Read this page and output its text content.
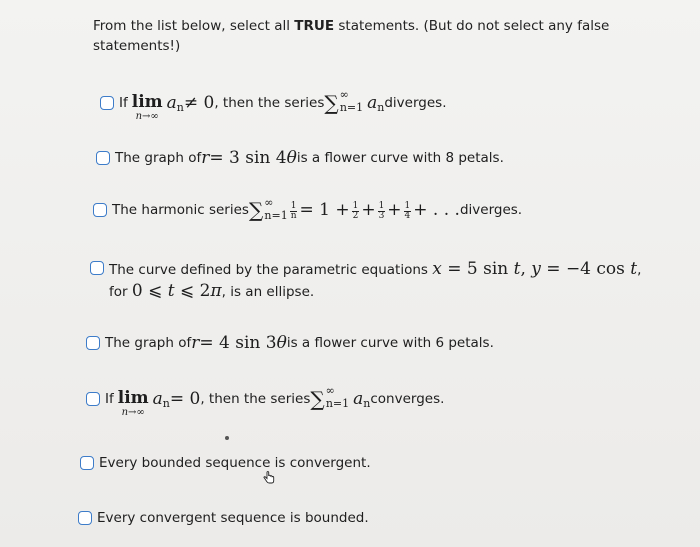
From the list below, select all TRUE statements. (But do not select any false statements!)
If lim
n→∞
a n ≠ 0 , then the series ∑ ∞
n=1 a n diverges.
The graph of r = 3 sin 4 θ is a flower curve with 8 petals.
The harmonic series ∑ ∞
$n=1 \frac{1}{n} = 1 + \frac{1}{2} + \frac{1}{3} + \frac{1}{4}$ + . . . diverges.
The curve defined by the parametric equations x = 5 sin t, y = −4 cos t,
for 0 ⩽ t ⩽ 2π, is an ellipse.
The graph of r = 4 sin 3 θ is a flower curve with 6 petals.
If lim
n→∞
a n = 0 , then the series ∑ ∞
n=1 a n converges.
Every bounded sequence is convergent.
Every convergent sequence is bounded.
